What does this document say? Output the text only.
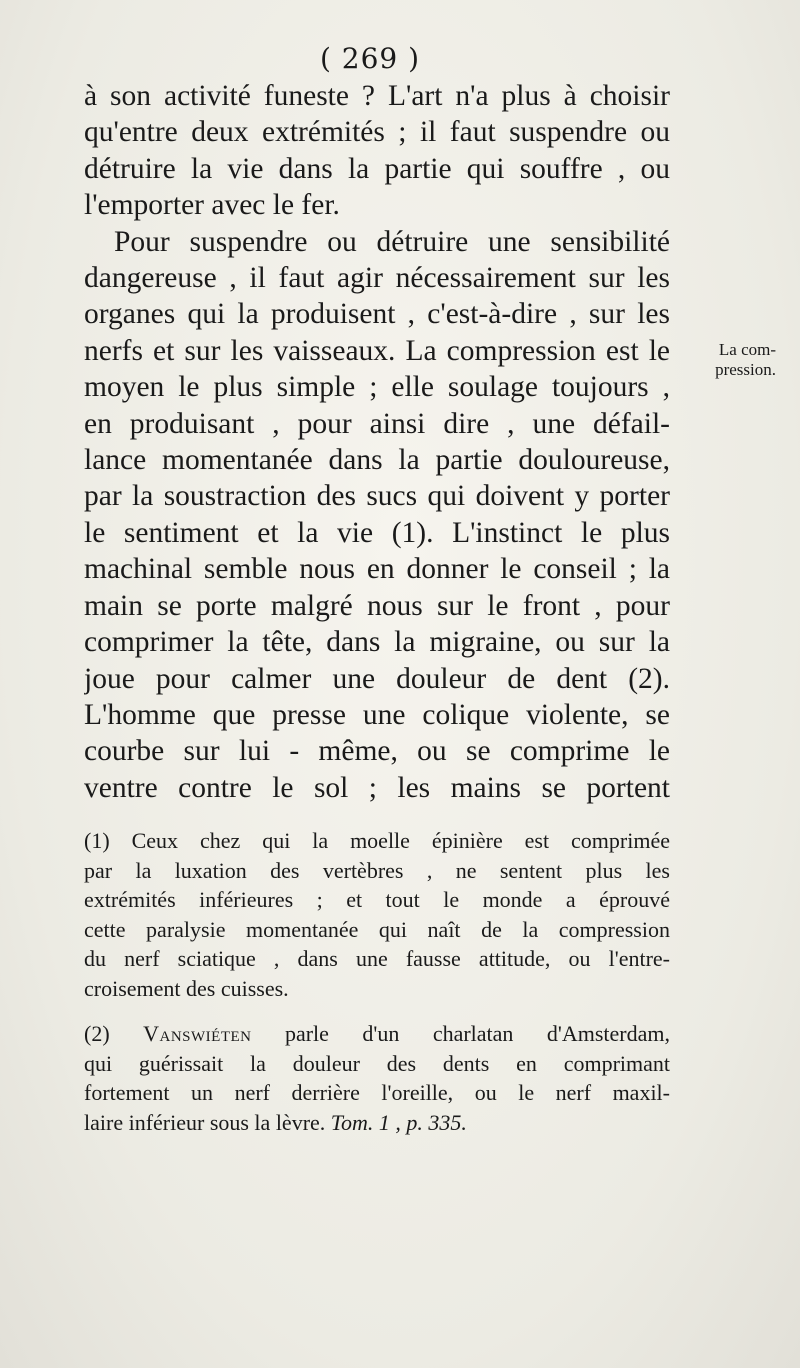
( 269 )
La com-
pression.
à son activité funeste ? L'art n'a plus à choisir
qu'entre deux extrémités ; il faut suspendre ou
détruire la vie dans la partie qui souffre , ou
l'emporter avec le fer.
Pour suspendre ou détruire une sensibilité
dangereuse , il faut agir nécessairement sur les
organes qui la produisent , c'est-à-dire , sur les
nerfs et sur les vaisseaux. La compression est le
moyen le plus simple ; elle soulage toujours ,
en produisant , pour ainsi dire , une défail-
lance momentanée dans la partie douloureuse,
par la soustraction des sucs qui doivent y porter
le sentiment et la vie (1). L'instinct le plus
machinal semble nous en donner le conseil ; la
main se porte malgré nous sur le front , pour
comprimer la tête, dans la migraine, ou sur la
joue pour calmer une douleur de dent (2).
L'homme que presse une colique violente, se
courbe sur lui - même, ou se comprime le
ventre contre le sol ; les mains se portent
(1) Ceux chez qui la moelle épinière est comprimée
par la luxation des vertèbres , ne sentent plus les
extrémités inférieures ; et tout le monde a éprouvé
cette paralysie momentanée qui naît de la compression
du nerf sciatique , dans une fausse attitude, ou l'entre-
croisement des cuisses.
(2) Vanswiéten parle d'un charlatan d'Amsterdam,
qui guérissait la douleur des dents en comprimant
fortement un nerf derrière l'oreille, ou le nerf maxil-
laire inférieur sous la lèvre. Tom. 1 , p. 335.
